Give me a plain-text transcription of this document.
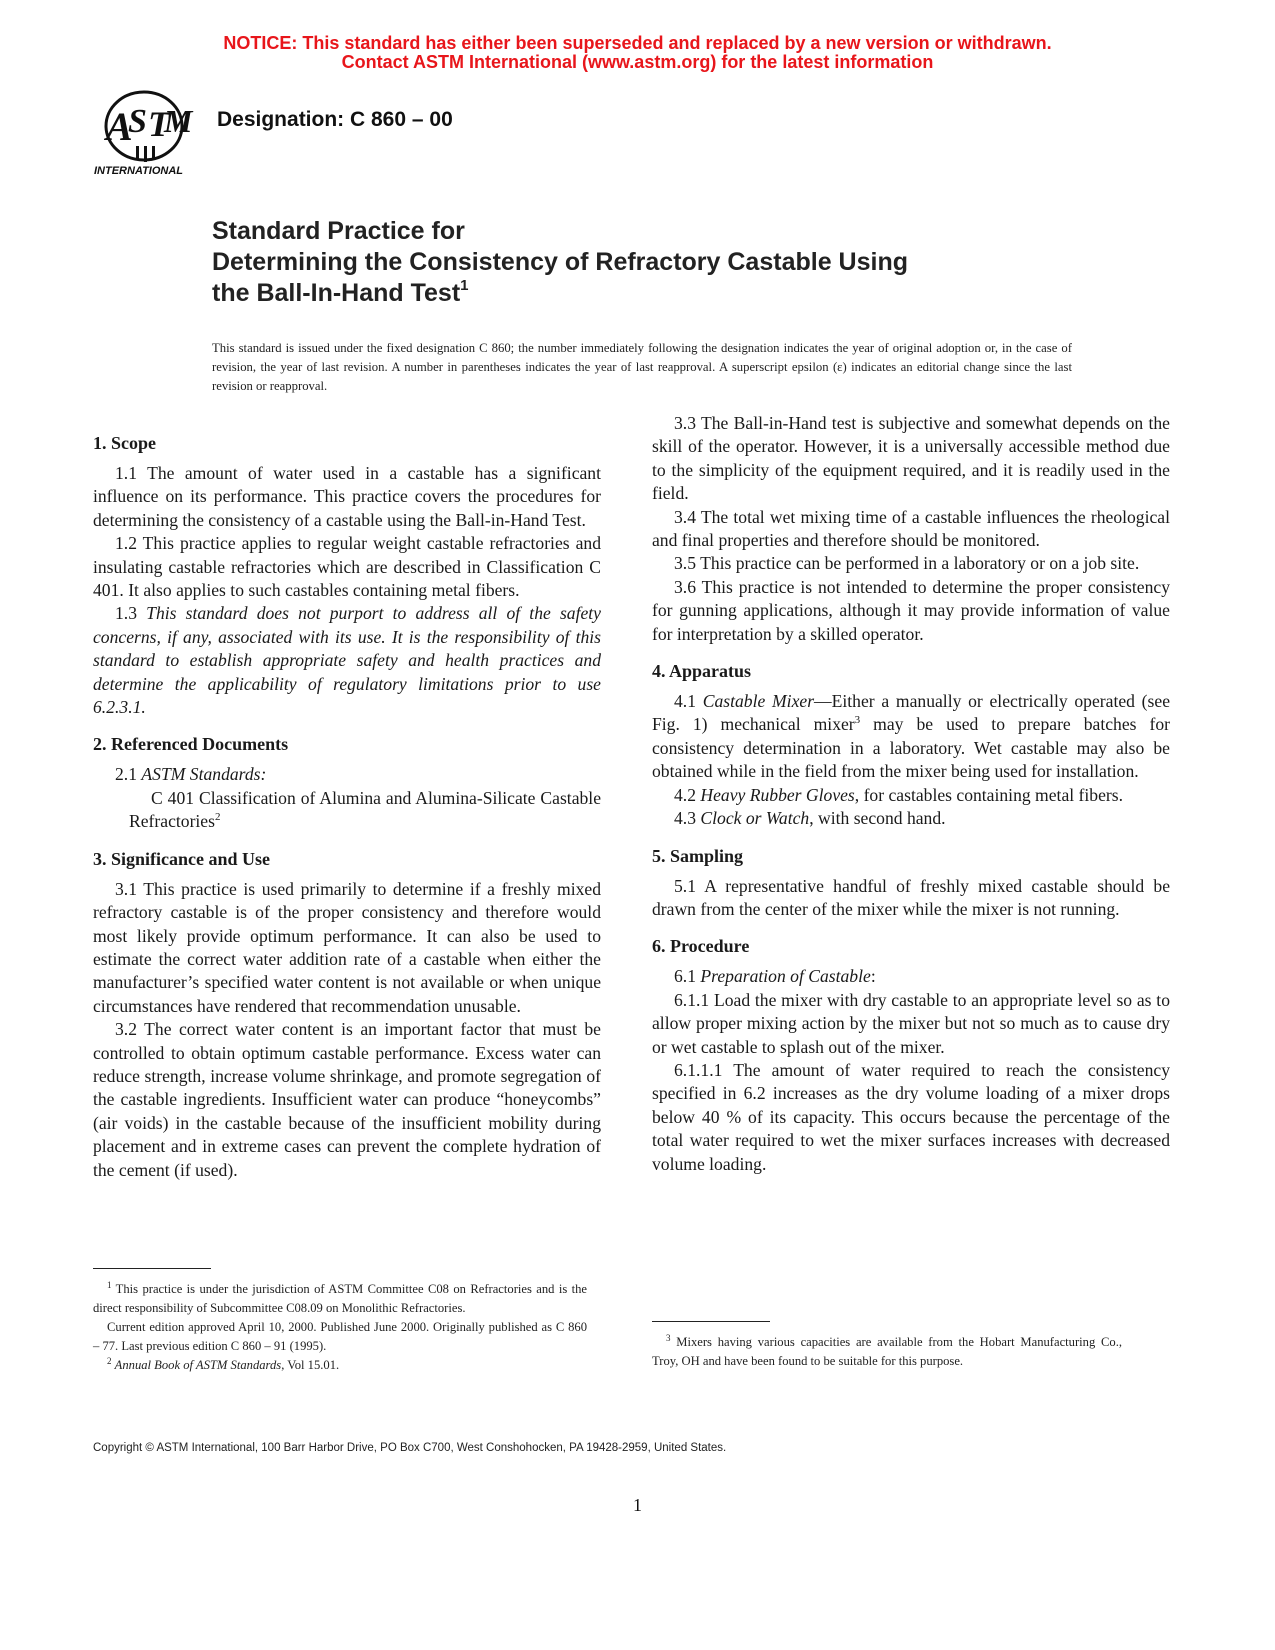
NOTICE: This standard has either been superseded and replaced by a new version or withdrawn.
Contact ASTM International (www.astm.org) for the latest information
A
S T
M
INTERNATIONAL
Designation: C 860 – 00
Standard Practice for
Determining the Consistency of Refractory Castable Using
the Ball-In-Hand Test$^1$
This standard is issued under the fixed designation C 860; the number immediately following the designation indicates the year of original adoption or, in the case of revision, the year of last revision. A number in parentheses indicates the year of last reapproval. A superscript epsilon (ε) indicates an editorial change since the last revision or reapproval.
1. Scope

1.1 The amount of water used in a castable has a significant influence on its performance. This practice covers the procedures for determining the consistency of a castable using the Ball-in-Hand Test.

1.2 This practice applies to regular weight castable refractories and insulating castable refractories which are described in Classification C 401. It also applies to such castables containing metal fibers.

1.3 This standard does not purport to address all of the safety concerns, if any, associated with its use. It is the responsibility of this standard to establish appropriate safety and health practices and determine the applicability of regulatory limitations prior to use 6.2.3.1.

2. Referenced Documents

2.1 ASTM Standards:

C 401 Classification of Alumina and Alumina-Silicate Castable Refractories$^2$

3. Significance and Use

3.1 This practice is used primarily to determine if a freshly mixed refractory castable is of the proper consistency and therefore would most likely provide optimum performance. It can also be used to estimate the correct water addition rate of a castable when either the manufacturer’s specified water content is not available or when unique circumstances have rendered that recommendation unusable.

3.2 The correct water content is an important factor that must be controlled to obtain optimum castable performance. Excess water can reduce strength, increase volume shrinkage, and promote segregation of the castable ingredients. Insufficient water can produce “honeycombs” (air voids) in the castable because of the insufficient mobility during placement and in extreme cases can prevent the complete hydration of the cement (if used).

3.3 The Ball-in-Hand test is subjective and somewhat depends on the skill of the operator. However, it is a universally accessible method due to the simplicity of the equipment required, and it is readily used in the field.

3.4 The total wet mixing time of a castable influences the rheological and final properties and therefore should be monitored.

3.5 This practice can be performed in a laboratory or on a job site.

3.6 This practice is not intended to determine the proper consistency for gunning applications, although it may provide information of value for interpretation by a skilled operator.

4. Apparatus

4.1 Castable Mixer—Either a manually or electrically operated (see Fig. 1) mechanical mixer$^3$ may be used to prepare batches for consistency determination in a laboratory. Wet castable may also be obtained while in the field from the mixer being used for installation.

4.2 Heavy Rubber Gloves, for castables containing metal fibers.

4.3 Clock or Watch, with second hand.

5. Sampling

5.1 A representative handful of freshly mixed castable should be drawn from the center of the mixer while the mixer is not running.

6. Procedure

6.1 Preparation of Castable:

6.1.1 Load the mixer with dry castable to an appropriate level so as to allow proper mixing action by the mixer but not so much as to cause dry or wet castable to splash out of the mixer.

6.1.1.1 The amount of water required to reach the consistency specified in 6.2 increases as the dry volume loading of a mixer drops below 40 % of its capacity. This occurs because the percentage of the total water required to wet the mixer surfaces increases with decreased volume loading.

$^1$ This practice is under the jurisdiction of ASTM Committee C08 on Refractories and is the direct responsibility of Subcommittee C08.09 on Monolithic Refractories.

Current edition approved April 10, 2000. Published June 2000. Originally published as C 860 – 77. Last previous edition C 860 – 91 (1995).

$^2$ Annual Book of ASTM Standards, Vol 15.01.

$^3$ Mixers having various capacities are available from the Hobart Manufacturing Co., Troy, OH and have been found to be suitable for this purpose.

Copyright © ASTM International, 100 Barr Harbor Drive, PO Box C700, West Conshohocken, PA 19428-2959, United States.
1
